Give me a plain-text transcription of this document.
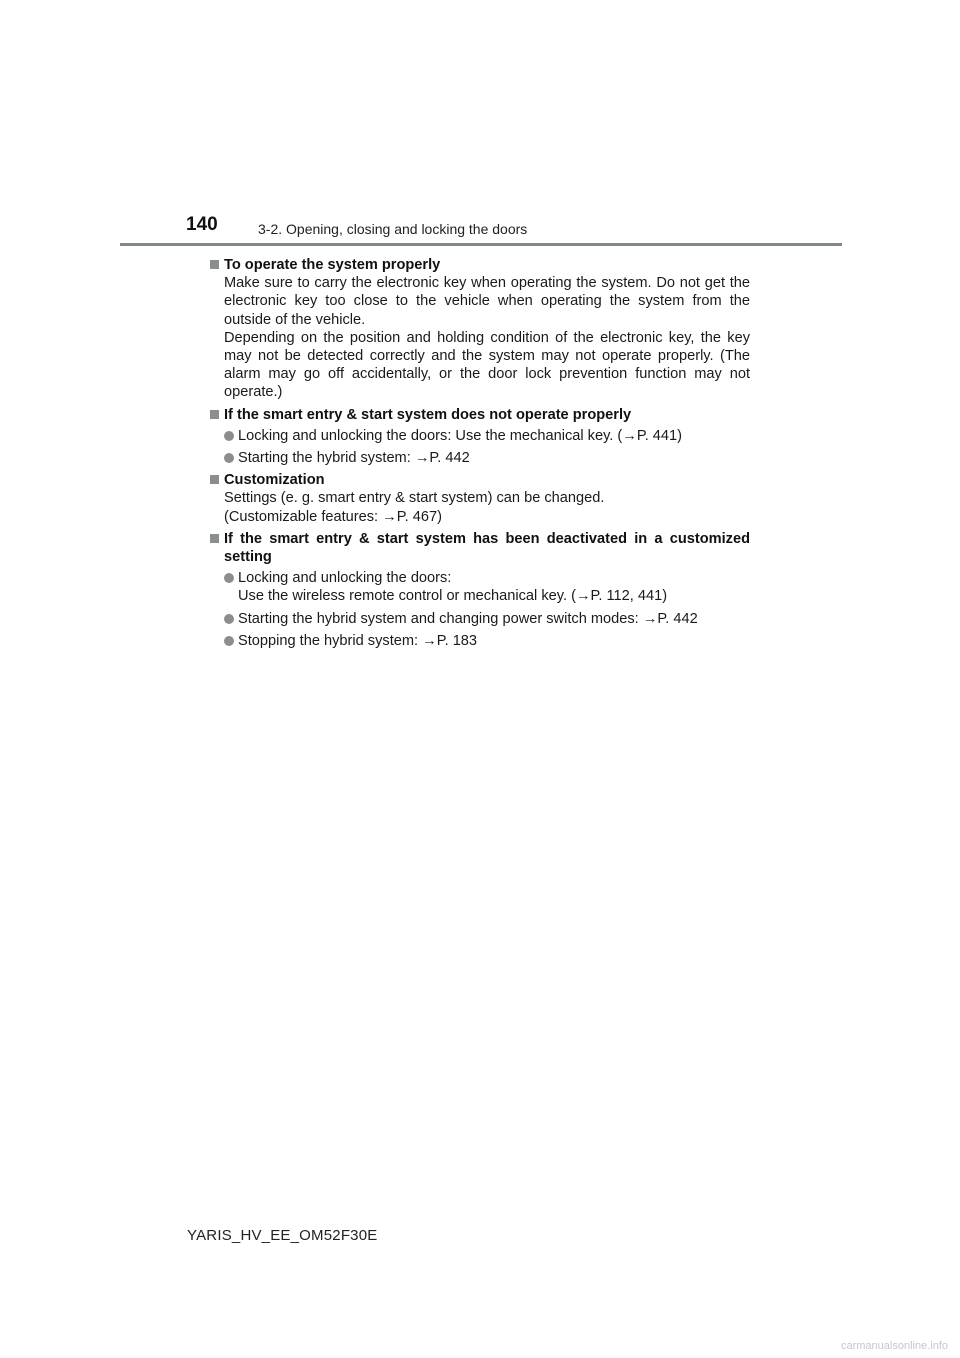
140	3-2. Opening, closing and locking the doors
To operate the system properly

Make sure to carry the electronic key when operating the system. Do not get the electronic key too close to the vehicle when operating the system from the outside of the vehicle.

Depending on the position and holding condition of the electronic key, the key may not be detected correctly and the system may not operate properly. (The alarm may go off accidentally, or the door lock prevention function may not operate.)

If the smart entry & start system does not operate properly
Locking and unlocking the doors: Use the mechanical key. (→P. 441)
Starting the hybrid system: →P. 442
Customization

Settings (e. g. smart entry & start system) can be changed.

(Customizable features: →P. 467)

If the smart entry & start system has been deactivated in a customized setting
Locking and unlocking the doors:
Use the wireless remote control or mechanical key. (→P. 112, 441)
Starting the hybrid system and changing power switch modes: →P. 442
Stopping the hybrid system: →P. 183
YARIS_HV_EE_OM52F30E
carmanualsonline.info
